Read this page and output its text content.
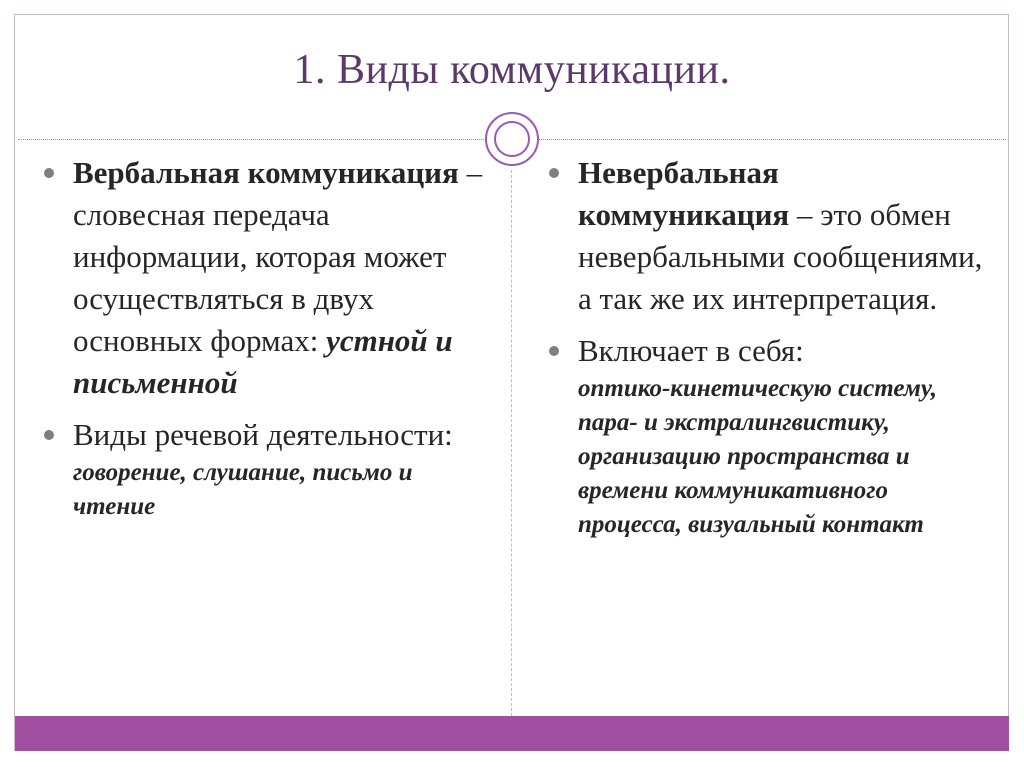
1. Виды коммуникации.
Вербальная коммуникация – словесная передача информации, которая может осуществляться в двух основных формах: устной и письменной
Виды речевой деятельности:
говорение, слушание, письмо и чтение
Невербальная коммуникация – это обмен невербальными сообщениями, а так же их интерпретация.
Включает в себя:
оптико-кинетическую систему, пара- и экстралингвистику, организацию пространства и времени коммуникативного процесса, визуальный контакт
